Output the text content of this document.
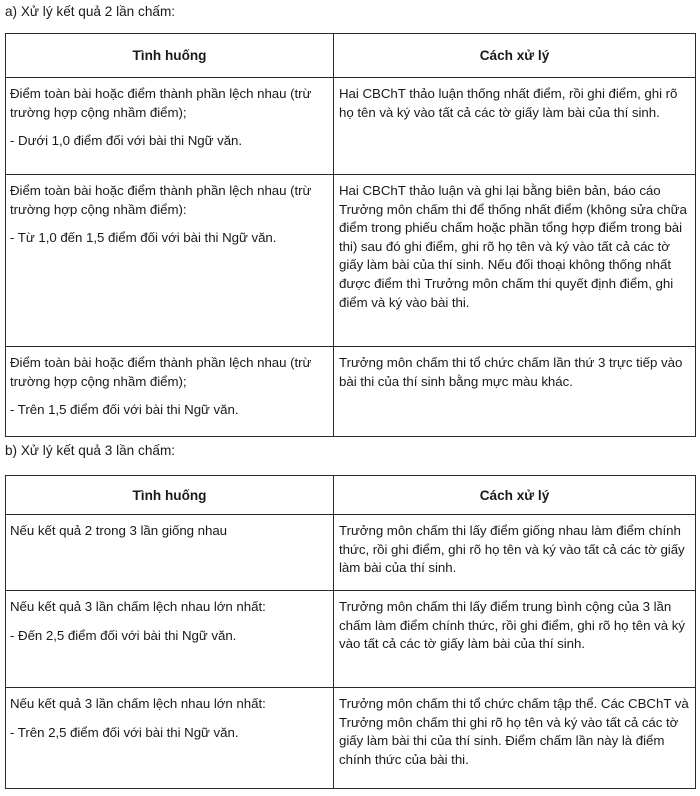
a) Xử lý kết quả 2 lần chấm:
Tình huống	Cách xử lý

Điểm toàn bài hoặc điểm thành phần lệch nhau (trừ trường hợp cộng nhầm điểm);

- Dưới 1,0 điểm đối với bài thi Ngữ văn.	Hai CBChT thảo luận thống nhất điểm, rồi ghi điểm, ghi rõ họ tên và ký vào tất cả các tờ giấy làm bài của thí sinh.

Điểm toàn bài hoặc điểm thành phần lệch nhau (trừ trường hợp cộng nhầm điểm):

- Từ 1,0 đến 1,5 điểm đối với bài thi Ngữ văn.	Hai CBChT thảo luận và ghi lại bằng biên bản, báo cáo Trưởng môn chấm thi để thống nhất điểm (không sửa chữa điểm trong phiếu chấm hoặc phần tổng hợp điểm trong bài thi) sau đó ghi điểm, ghi rõ họ tên và ký vào tất cả các tờ giấy làm bài của thí sinh. Nếu đối thoại không thống nhất được điểm thì Trưởng môn chấm thi quyết định điểm, ghi điểm và ký vào bài thi.

Điểm toàn bài hoặc điểm thành phần lệch nhau (trừ trường hợp cộng nhầm điểm);

- Trên 1,5 điểm đối với bài thi Ngữ văn.	Trưởng môn chấm thi tổ chức chấm lần thứ 3 trực tiếp vào bài thi của thí sinh bằng mực màu khác.

b) Xử lý kết quả 3 lần chấm:
Tình huống	Cách xử lý

Nếu kết quả 2 trong 3 lần giống nhau	Trưởng môn chấm thi lấy điểm giống nhau làm điểm chính thức, rồi ghi điểm, ghi rõ họ tên và ký vào tất cả các tờ giấy làm bài của thí sinh.

Nếu kết quả 3 lần chấm lệch nhau lớn nhất:

- Đến 2,5 điểm đối với bài thi Ngữ văn.	Trưởng môn chấm thi lấy điểm trung bình cộng của 3 lần chấm làm điểm chính thức, rồi ghi điểm, ghi rõ họ tên và ký vào tất cả các tờ giấy làm bài của thí sinh.

Nếu kết quả 3 lần chấm lệch nhau lớn nhất:

- Trên 2,5 điểm đối với bài thi Ngữ văn.	Trưởng môn chấm thi tổ chức chấm tập thể. Các CBChT và Trưởng môn chấm thi ghi rõ họ tên và ký vào tất cả các tờ giấy làm bài thi của thí sinh. Điểm chấm lần này là điểm chính thức của bài thi.
